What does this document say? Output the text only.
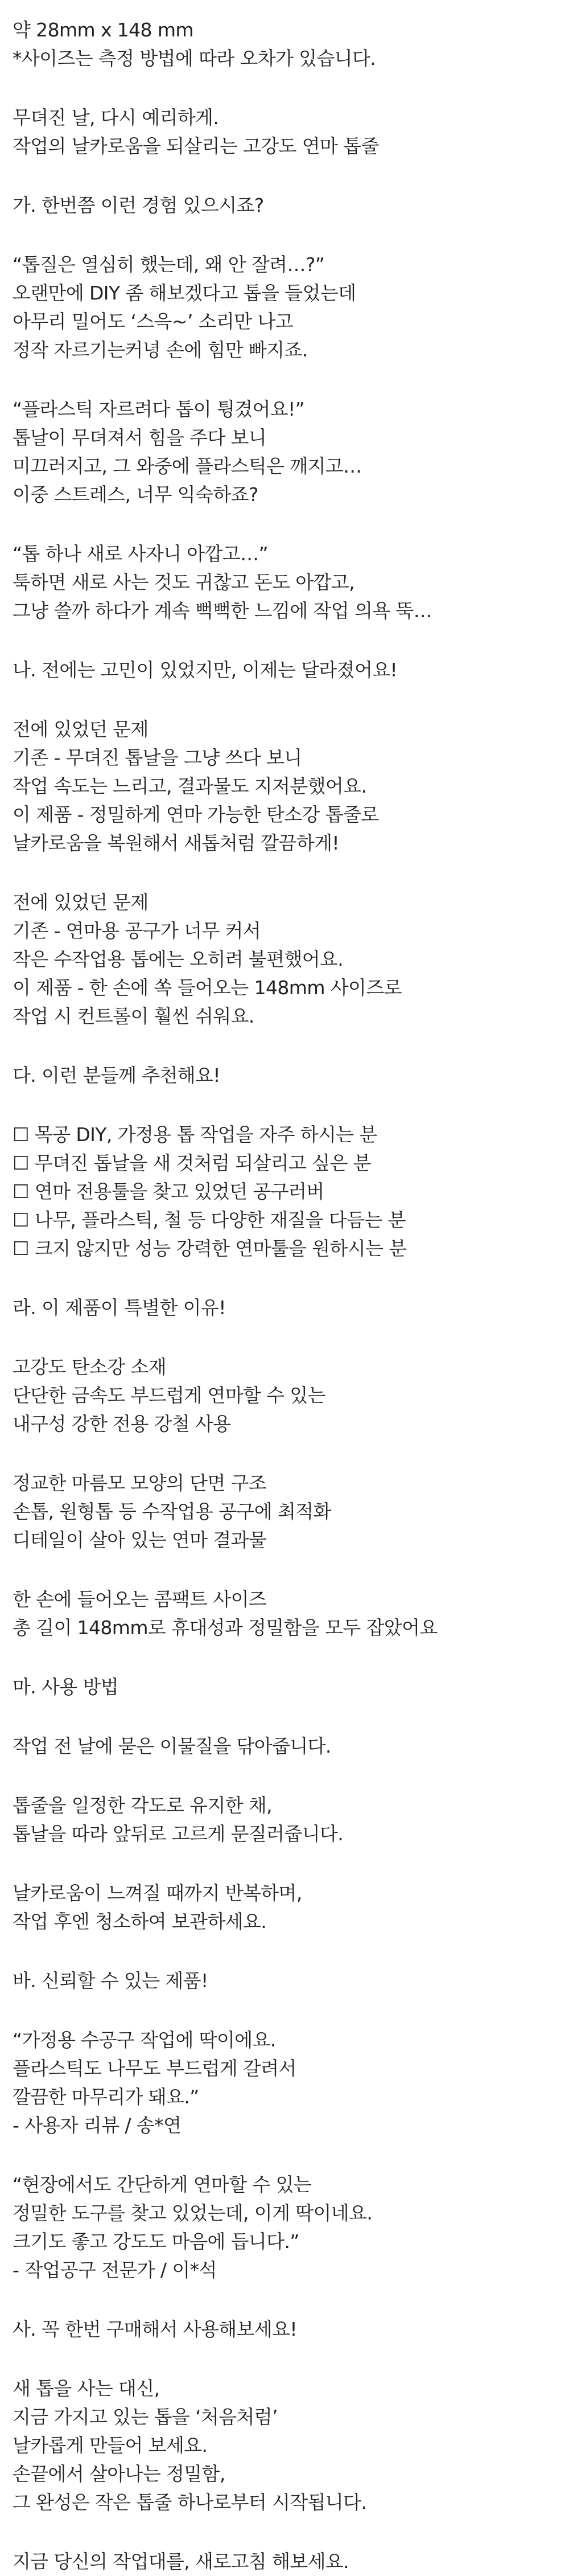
약 28mm x 148 mm
*사이즈는 측정 방법에 따라 오차가 있습니다.
무뎌진 날, 다시 예리하게.
작업의 날카로움을 되살리는 고강도 연마 톱줄
가. 한번쯤 이런 경험 있으시죠?
“톱질은 열심히 했는데, 왜 안 잘려…?”
오랜만에 DIY 좀 해보겠다고 톱을 들었는데
아무리 밀어도 ‘스윽~’ 소리만 나고
정작 자르기는커녕 손에 힘만 빠지죠.
“플라스틱 자르려다 톱이 튕겼어요!”
톱날이 무뎌져서 힘을 주다 보니
미끄러지고, 그 와중에 플라스틱은 깨지고…
이중 스트레스, 너무 익숙하죠?
“톱 하나 새로 사자니 아깝고…”
툭하면 새로 사는 것도 귀찮고 돈도 아깝고,
그냥 쓸까 하다가 계속 뻑뻑한 느낌에 작업 의욕 뚝…
나. 전에는 고민이 있었지만, 이제는 달라졌어요!
전에 있었던 문제
기존 - 무뎌진 톱날을 그냥 쓰다 보니
작업 속도는 느리고, 결과물도 지저분했어요.
이 제품 - 정밀하게 연마 가능한 탄소강 톱줄로
날카로움을 복원해서 새톱처럼 깔끔하게!
전에 있었던 문제
기존 - 연마용 공구가 너무 커서
작은 수작업용 톱에는 오히려 불편했어요.
이 제품 - 한 손에 쏙 들어오는 148mm 사이즈로
작업 시 컨트롤이 훨씬 쉬워요.
다. 이런 분들께 추천해요!
☐ 목공 DIY, 가정용 톱 작업을 자주 하시는 분
☐ 무뎌진 톱날을 새 것처럼 되살리고 싶은 분
☐ 연마 전용툴을 찾고 있었던 공구러버
☐ 나무, 플라스틱, 철 등 다양한 재질을 다듬는 분
☐ 크지 않지만 성능 강력한 연마툴을 원하시는 분
라. 이 제품이 특별한 이유!
고강도 탄소강 소재
단단한 금속도 부드럽게 연마할 수 있는
내구성 강한 전용 강철 사용
정교한 마름모 모양의 단면 구조
손톱, 원형톱 등 수작업용 공구에 최적화
디테일이 살아 있는 연마 결과물
한 손에 들어오는 콤팩트 사이즈
총 길이 148mm로 휴대성과 정밀함을 모두 잡았어요
마. 사용 방법
작업 전 날에 묻은 이물질을 닦아줍니다.
톱줄을 일정한 각도로 유지한 채,
톱날을 따라 앞뒤로 고르게 문질러줍니다.
날카로움이 느껴질 때까지 반복하며,
작업 후엔 청소하여 보관하세요.
바. 신뢰할 수 있는 제품!
“가정용 수공구 작업에 딱이에요.
플라스틱도 나무도 부드럽게 갈려서
깔끔한 마무리가 돼요.”
- 사용자 리뷰 / 송*연
“현장에서도 간단하게 연마할 수 있는
정밀한 도구를 찾고 있었는데, 이게 딱이네요.
크기도 좋고 강도도 마음에 듭니다.”
- 작업공구 전문가 / 이*석
사. 꼭 한번 구매해서 사용해보세요!
새 톱을 사는 대신,
지금 가지고 있는 톱을 ‘처음처럼’
날카롭게 만들어 보세요.
손끝에서 살아나는 정밀함,
그 완성은 작은 톱줄 하나로부터 시작됩니다.
지금 당신의 작업대를, 새로고침 해보세요.
